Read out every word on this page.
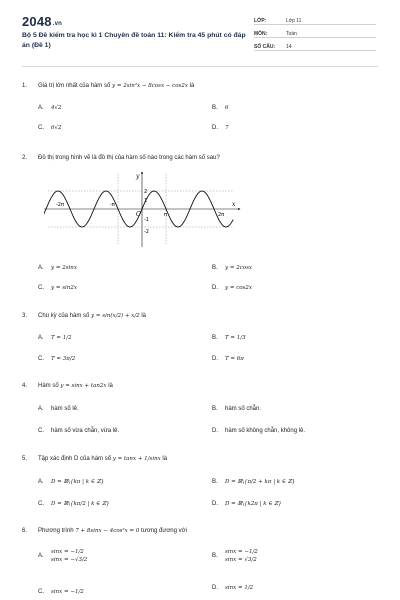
2048.vn
Bộ 5 Đề kiểm tra học kì 1 Chuyên đề toán 11: Kiểm tra 45 phút có đáp án (Đề 1)
LỚP:	Lớp 11
MÔN:	Toán
SỐ CÂU:	14
1. Giá trị lớn nhất của hàm số y = 2sin²x − 8cosx − cos2x là
A. 4√2	B. 6
C. 6√2	D. 7
2. Đồ thị trong hình vẽ là đồ thị của hàm số nào trong các hàm số sau?
x
y
O
-2π	-π
π	2π
2
1
-1
-2
A. y = 2sinx	B. y = 2cosx
C. y = sin2x	D. y = cos2x
3. Chu kỳ của hàm số y = sin(x/2) + x/2 là
A. T = 1/2	B. T = 1/3
C. T = 3π/2	D. T = 6π
4. Hàm số y = sinx + tan2x là
A. hàm số lẻ.	B. hàm số chẵn.
C. hàm số vừa chẵn, vừa lẻ.	D. hàm số không chẵn, không lẻ.
5. Tập xác định D của hàm số y = tanx + 1/sinx là
A. D = ℝ\{kπ | k ∈ ℤ}	B. D = ℝ\{π/2 + kπ | k ∈ ℤ}
C. D = ℝ\{kπ/2 | k ∈ ℤ}	D. D = ℝ\{k2π | k ∈ ℤ}
6. Phương trình 7 + 8sinx − 4cos²x = 0 tương đương với
A.sinx = −1/2
sinx = −√3/2
B.sinx = −1/2
sinx = √3/2
C. sinx = −1/2
D. sinx = 1/2
